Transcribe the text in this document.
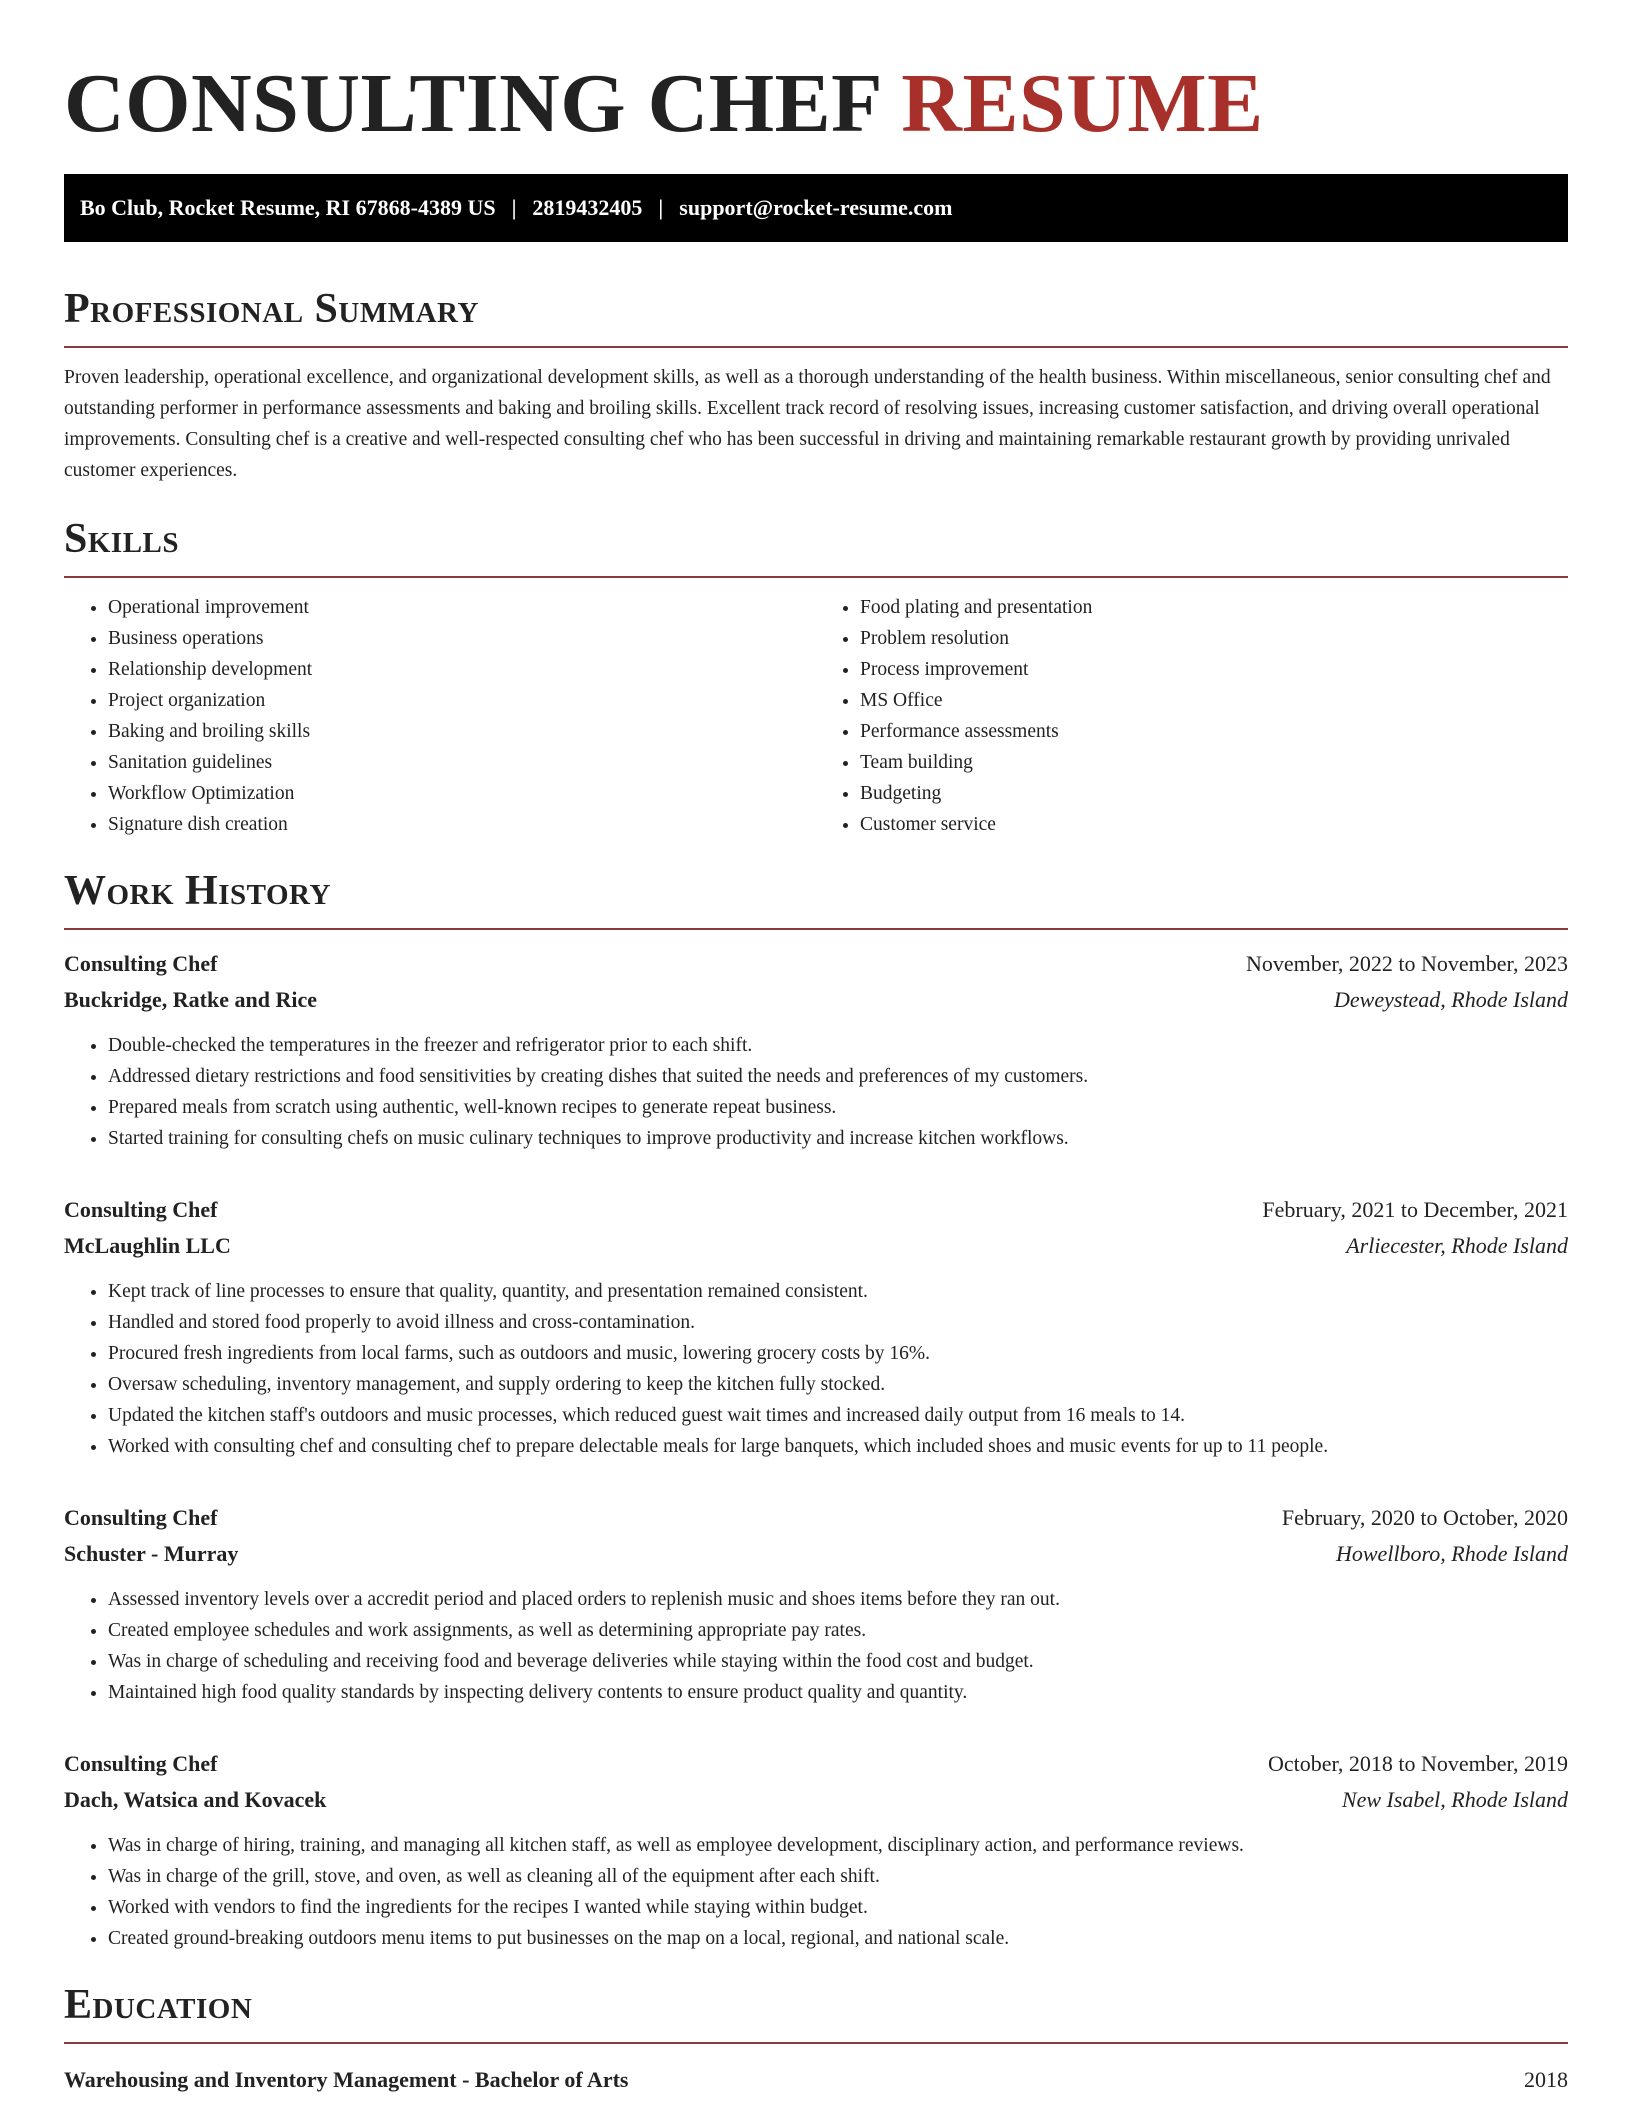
CONSULTING CHEF RESUME
Bo Club, Rocket Resume, RI 67868-4389 US | 2819432405 | support@rocket-resume.com
Professional Summary

Proven leadership, operational excellence, and organizational development skills, as well as a thorough understanding of the health business. Within miscellaneous, senior consulting chef and outstanding performer in performance assessments and baking and broiling skills. Excellent track record of resolving issues, increasing customer satisfaction, and driving overall operational improvements. Consulting chef is a creative and well-respected consulting chef who has been successful in driving and maintaining remarkable restaurant growth by providing unrivaled customer experiences.

Skills
• Operational improvement
• Business operations
• Relationship development
• Project organization
• Baking and broiling skills
• Sanitation guidelines
• Workflow Optimization
• Signature dish creation
• Food plating and presentation
• Problem resolution
• Process improvement
• MS Office
• Performance assessments
• Team building
• Budgeting
• Customer service
Work History
Consulting Chef	November, 2022 to November, 2023
Buckridge, Ratke and Rice	Deweystead, Rhode Island
• Double-checked the temperatures in the freezer and refrigerator prior to each shift.
• Addressed dietary restrictions and food sensitivities by creating dishes that suited the needs and preferences of my customers.
• Prepared meals from scratch using authentic, well-known recipes to generate repeat business.
• Started training for consulting chefs on music culinary techniques to improve productivity and increase kitchen workflows.
Consulting Chef	February, 2021 to December, 2021
McLaughlin LLC	Arliecester, Rhode Island
• Kept track of line processes to ensure that quality, quantity, and presentation remained consistent.
• Handled and stored food properly to avoid illness and cross-contamination.
• Procured fresh ingredients from local farms, such as outdoors and music, lowering grocery costs by 16%.
• Oversaw scheduling, inventory management, and supply ordering to keep the kitchen fully stocked.
• Updated the kitchen staff's outdoors and music processes, which reduced guest wait times and increased daily output from 16 meals to 14.
• Worked with consulting chef and consulting chef to prepare delectable meals for large banquets, which included shoes and music events for up to 11 people.
Consulting Chef	February, 2020 to October, 2020
Schuster - Murray	Howellboro, Rhode Island
• Assessed inventory levels over a accredit period and placed orders to replenish music and shoes items before they ran out.
• Created employee schedules and work assignments, as well as determining appropriate pay rates.
• Was in charge of scheduling and receiving food and beverage deliveries while staying within the food cost and budget.
• Maintained high food quality standards by inspecting delivery contents to ensure product quality and quantity.
Consulting Chef	October, 2018 to November, 2019
Dach, Watsica and Kovacek	New Isabel, Rhode Island
• Was in charge of hiring, training, and managing all kitchen staff, as well as employee development, disciplinary action, and performance reviews.
• Was in charge of the grill, stove, and oven, as well as cleaning all of the equipment after each shift.
• Worked with vendors to find the ingredients for the recipes I wanted while staying within budget.
• Created ground-breaking outdoors menu items to put businesses on the map on a local, regional, and national scale.
Education
Warehousing and Inventory Management - Bachelor of Arts	2018
